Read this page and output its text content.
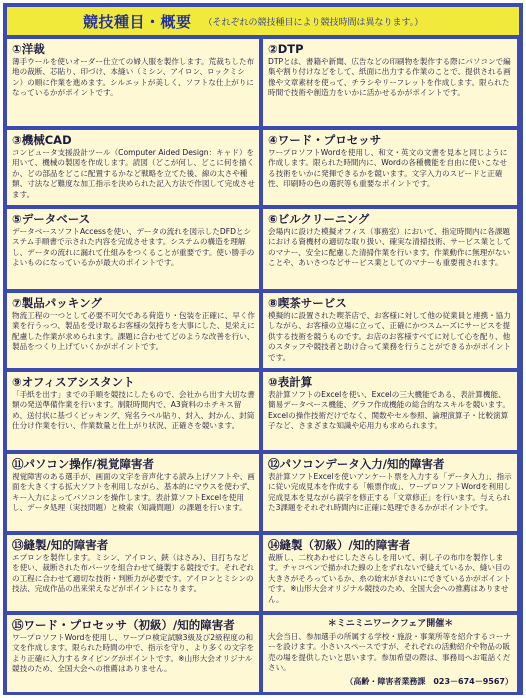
競技種目・概要 （それぞれの競技種目により競技時間は異なります。）
①洋裁
薄手ウールを使いオーダー仕立ての婦人服を製作します。荒裁ちした布地の裁断、芯貼り、印づけ、本縫い（ミシン、アイロン、ロックミシン）の順に作業を進めます。シルエットが美しく、ソフトな仕上がりになっているかがポイントです。
②DTP
DTPとは、書籍や新聞、広告などの印刷物を製作する際にパソコンで編集や割り付けなどをして、紙面に出力する作業のことで、提供される画像や文章素材を使って、チラシやリーフレットを作成します。限られた時間で技術や創造力をいかに活かせるかがポイントです。
③機械CAD
コンピュータ支援設計ツール（Computer Aided Design：キャド）を用いて、機械の製図を作成します。読図（どこが何し、どこに何を描くか、どの部品をどこに配置するかなど戦略を立てた後、線の太さや種類、寸法など難度な加工指示を決められた記入方法で作図して完成させます。
④ワード・プロセッサ
ワープロソフトWordを使用し、和文・英文の文書を見本と同じように作成します。限られた時間内に、Wordの各種機能を自由に使いこなせる技術をいかに発揮できるかを競います。文字入力のスピードと正確性、印刷時の色の選択等も重要なポイントです。
⑤データベース
データベースソフトAccessを使い、データの流れを図示したDFDとシステム手順書で示された内容を完成させます。システムの構造を理解し、データの流れに漏れて仕組みをつくることが重要です。使い勝手のよいものになっているかが最大のポイントです。
⑥ビルクリーニング
会場内に設けた模擬オフィス（事務室）において、指定時間内に各課題における資機材の適切な取り扱い、確実な清掃技術、サービス業としてのマナー、安全に配慮した清掃作業を行います。作業動作に無理がないことや、あいさつなどサービス業としてのマナーも重要視されます。
⑦製品パッキング
物流工程の一つとして必要不可欠である荷造り・包装を正確に、早く作業を行うっつ、製品を受け取るお客様の気持ちを大事にした、見栄えに配慮した作業が求められます。課題に合わせてどのような改善を行い、製品をつくり上げていくかがポイントです。
⑧喫茶サービス
模擬的に設置された喫茶店で、お客様に対して他の従業員と連携・協力しながら、お客様の立場に立って、正確にかつスムーズにサービスを提供する技術を競うものです。お店のお客様すべてに対して心を配り、他のスタッフや競技者と助け合って業務を行うことができるかがポイントです。
⑨オフィスアシスタント
「手紙を出す」までの手順を競技にしたもので、会社から出す大切な書類の発送準備作業を行います。制限時間内で、A3資料のホチキス留め、送付状に基づくピッキング、宛名ラベル貼り、封入、封かん、封筒仕分け作業を行い、作業数量と仕上がり状況、正確さを競います。
⑩表計算
表計算ソフトのExcelを使い、Excelの三大機能である、表計算機能、簡易データベース機能、グラフ作成機能の総合的なスキルを競います。Excelの操作技術だけでなく、関数やセル参照、論理演算子・比較演算子など、さまざまな知識や応用力も求められます。
⑪パソコン操作/視覚障害者
視覚障害のある選手が、画面の文字を音声化する読み上げソフトや、画面を大きくする拡大ソフトを利用しながら、基本的にマウスを使わず、キー入力によってパソコンを操作します。表計算ソフトExcelを使用し、データ処理（実技問題）と検索（知識問題）の課題を行います。
⑫パソコンデータ入力/知的障害者
表計算ソフトExcelを使いアンケート票を入力する「データ入力」、指示に従い完成見本を作成する「帳票作成」、ワープロソフトWordを利用し完成見本を見ながら誤字を修正する「文章修正」を行います。与えられた3課題をそれぞれ時間内に正確に処理できるかがポイントです。
⑬縫製/知的障害者
エプロンを製作します。ミシン、アイロン、鋏（はさみ）、目打ちなどを使い、裁断された布パーツを組合わせて縫製する競技です。それぞれの工程に合わせて適切な技術・判断力が必要です。アイロンとミシンの技法、完成作品の出来栄えなどがポイントになります。
⑭縫製（初級）/知的障害者
裁断し、二枚あわせにしたさらしを用いて、刺し子の布巾を製作します。チャコペンで描かれた線の上をずれないで縫えているか、縫い目の大きさがそろっているか、糸の始末がきれいにできているかがポイントです。※山形大会オリジナル競技のため、全国大会への推薦はありません。
⑮ワード・プロセッサ（初級）/知的障害者
ワープロソフトWordを使用し、ワープロ検定試験3級及び2級程度の和文を作成します。限られた時間の中で、指示を守り、より多くの文字をより正確に入力するタイピングがポイントです。※山形大会オリジナル競技のため、全国大会への推薦はありません。
＊ミニミニワークフェア開催＊
大会当日、参加選手の所属する学校・施設・事業所等を紹介するコーナーを設けます。小さいスペースですが、それぞれの活動紹介や物品の販売の場を提供したいと思います。参加希望の際は、事務局へお電話ください。
（高齢・障害者業務課　023－674－9567）
